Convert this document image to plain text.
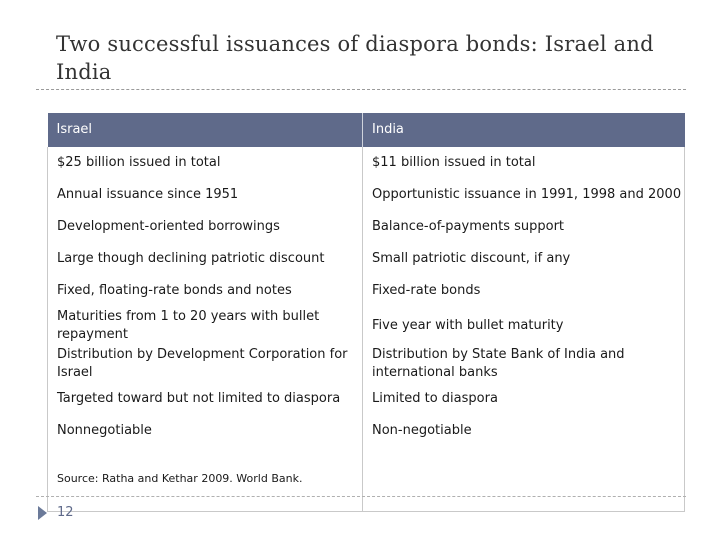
Two successful issuances of diaspora bonds: Israel and India
Israel	India
$25 billion issued in total	$11 billion issued in total
Annual issuance since 1951	Opportunistic issuance in 1991, 1998 and 2000
Development-oriented borrowings	Balance-of-payments support
Large though declining patriotic discount	Small patriotic discount, if any
Fixed, floating-rate bonds and notes	Fixed-rate bonds
Maturities from 1 to 20 years with bullet repayment	Five year with bullet maturity
Distribution by Development Corporation for Israel	Distribution by State Bank of India and international banks
Targeted toward but not limited to diaspora	Limited to diaspora
Nonnegotiable	Non-negotiable
Source: Ratha and Kethar 2009. World Bank.	
12
